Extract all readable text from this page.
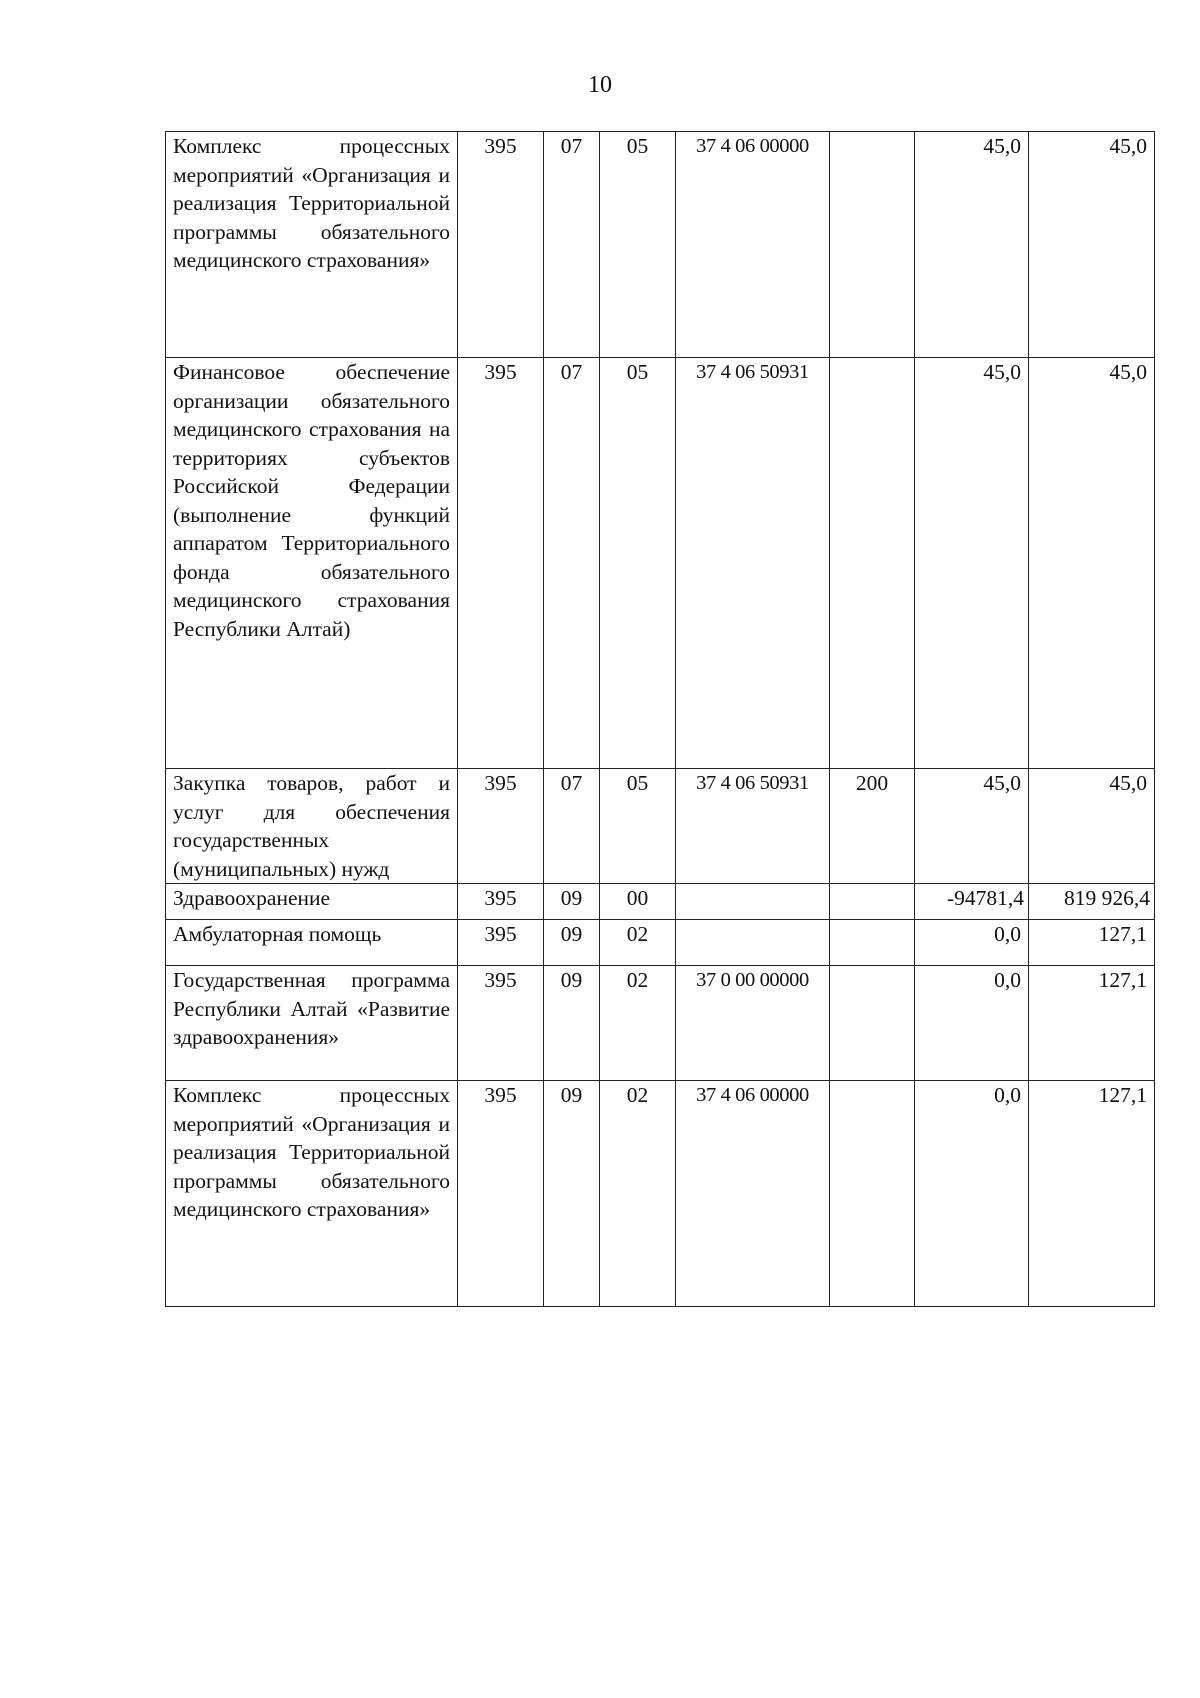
10
Комплекс процессных мероприятий «Организация и реализация Территориальной программы обязательного медицинского страхования»	395	07	05	37 4 06 00000		45,0	45,0
Финансовое обеспечение организации обязательного медицинского страхования на территориях субъектов Российской Федерации (выполнение функций аппаратом Территориального фонда обязательного медицинского страхования Республики Алтай)	395	07	05	37 4 06 50931		45,0	45,0
Закупка товаров, работ и услуг для обеспечения государственных (муниципальных) нужд	395	07	05	37 4 06 50931	200	45,0	45,0
Здравоохранение	395	09	00			-94781,4	819 926,4
Амбулаторная помощь	395	09	02			0,0	127,1
Государственная программа Республики Алтай «Развитие здравоохранения»	395	09	02	37 0 00 00000		0,0	127,1
Комплекс процессных мероприятий «Организация и реализация Территориальной программы обязательного медицинского страхования»	395	09	02	37 4 06 00000		0,0	127,1
